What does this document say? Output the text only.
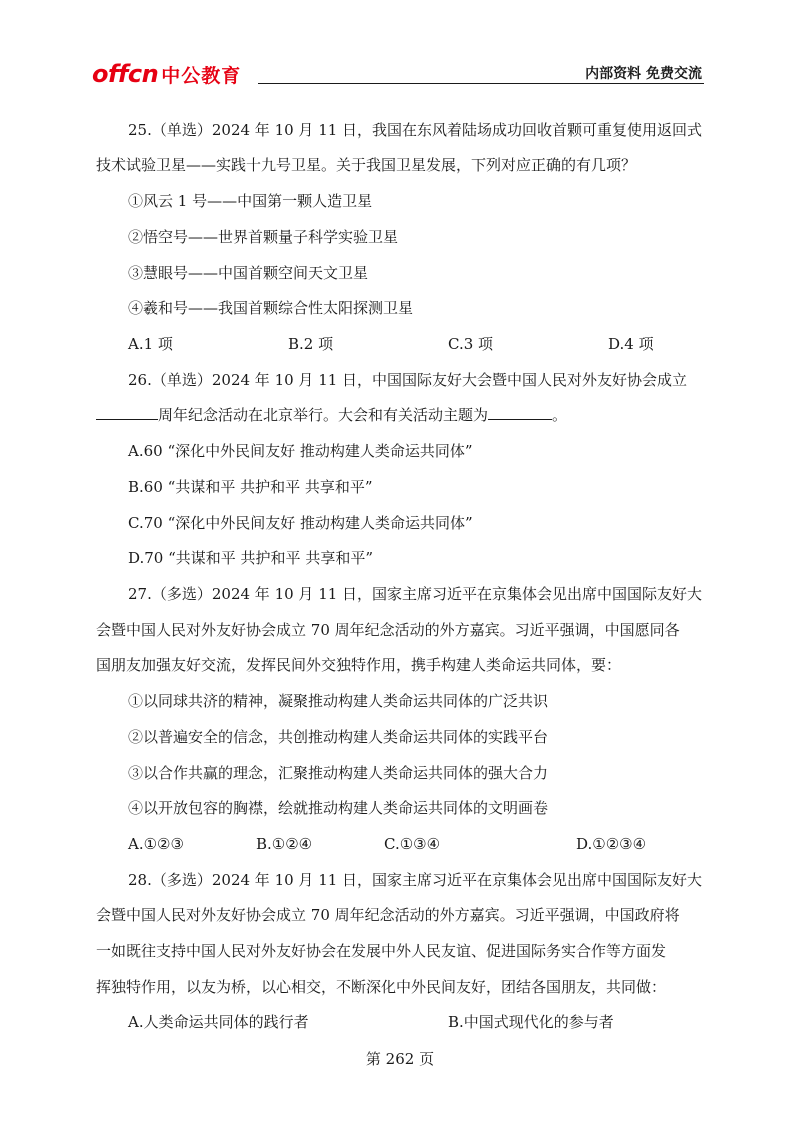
offcn 中公教育	内部资料 免费交流
25.（单选）2024 年 10 月 11 日，我国在东风着陆场成功回收首颗可重复使用返回式
技术试验卫星——实践十九号卫星。关于我国卫星发展，下列对应正确的有几项？
①风云 1 号——中国第一颗人造卫星
②悟空号——世界首颗量子科学实验卫星
③慧眼号——中国首颗空间天文卫星
④羲和号——我国首颗综合性太阳探测卫星
A.1 项	B.2 项	C.3 项	D.4 项
26.（单选）2024 年 10 月 11 日，中国国际友好大会暨中国人民对外友好协会成立
周年纪念活动在北京举行。大会和有关活动主题为	。
A.60 “深化中外民间友好 推动构建人类命运共同体”
B.60 “共谋和平 共护和平 共享和平”
C.70 “深化中外民间友好 推动构建人类命运共同体”
D.70 “共谋和平 共护和平 共享和平”
27.（多选）2024 年 10 月 11 日，国家主席习近平在京集体会见出席中国国际友好大
会暨中国人民对外友好协会成立 70 周年纪念活动的外方嘉宾。习近平强调，中国愿同各
国朋友加强友好交流，发挥民间外交独特作用，携手构建人类命运共同体，要：
①以同球共济的精神，凝聚推动构建人类命运共同体的广泛共识
②以普遍安全的信念，共创推动构建人类命运共同体的实践平台
③以合作共赢的理念，汇聚推动构建人类命运共同体的强大合力
④以开放包容的胸襟，绘就推动构建人类命运共同体的文明画卷
A.①②③	B.①②④	C.①③④	D.①②③④
28.（多选）2024 年 10 月 11 日，国家主席习近平在京集体会见出席中国国际友好大
会暨中国人民对外友好协会成立 70 周年纪念活动的外方嘉宾。习近平强调，中国政府将
一如既往支持中国人民对外友好协会在发展中外人民友谊、促进国际务实合作等方面发
挥独特作用，以友为桥，以心相交，不断深化中外民间友好，团结各国朋友，共同做：
A.人类命运共同体的践行者	B.中国式现代化的参与者
第 262 页
